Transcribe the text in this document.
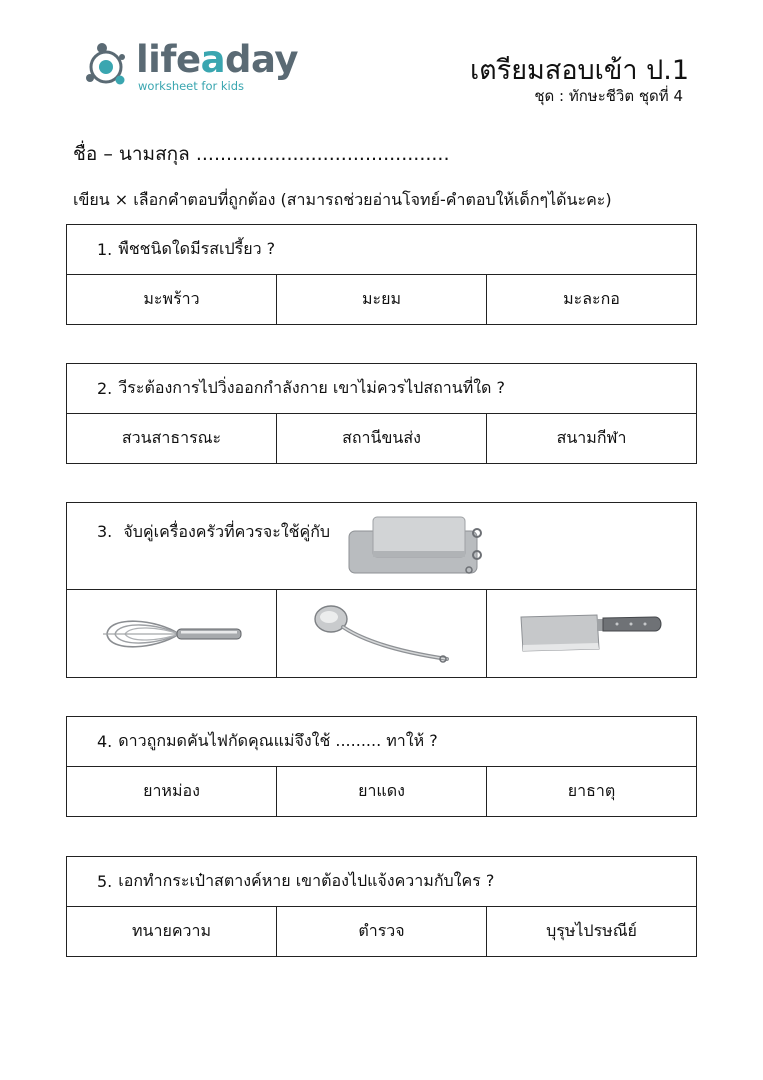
lifeaday
worksheet for kids	เตรียมสอบเข้า ป.1
ชุด : ทักษะชีวิต ชุดที่ 4
ชื่อ – นามสกุล ..........................................
เขียน × เลือกคำตอบที่ถูกต้อง (สามารถช่วยอ่านโจทย์-คำตอบให้เด็กๆได้นะคะ)
1. พืชชนิดใดมีรสเปรี้ยว ?
มะพร้าว	มะยม	มะละกอ
2. วีระต้องการไปวิ่งออกกำลังกาย เขาไม่ควรไปสถานที่ใด ?
สวนสาธารณะ	สถานีขนส่ง	สนามกีฬา
3. จับคู่เครื่องครัวที่ควรจะใช้คู่กับ
4. ดาวถูกมดคันไฟกัดคุณแม่จึงใช้ ......... ทาให้ ?
ยาหม่อง	ยาแดง	ยาธาตุ
5. เอกทำกระเป๋าสตางค์หาย เขาต้องไปแจ้งความกับใคร ?
ทนายความ	ตำรวจ	บุรุษไปรษณีย์
